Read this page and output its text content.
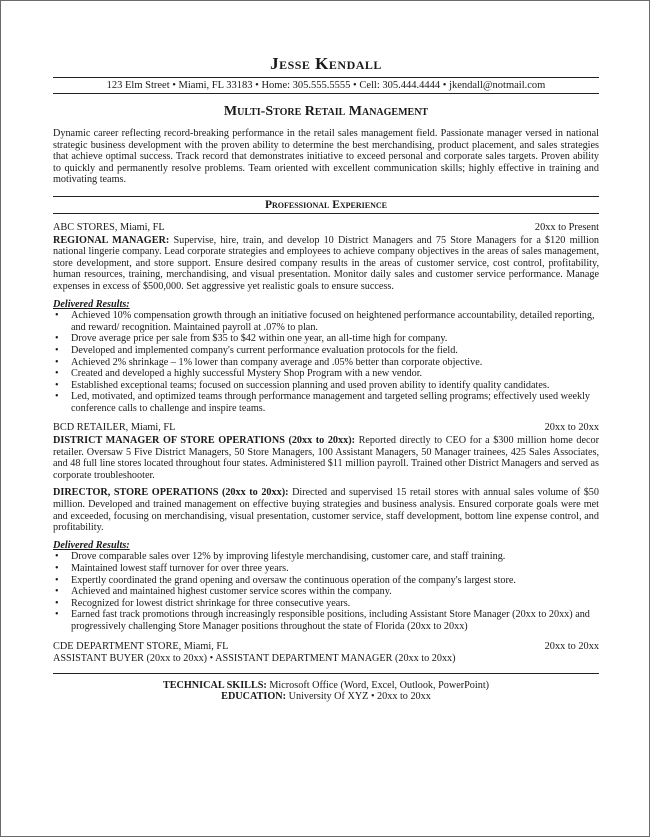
Jesse Kendall
123 Elm Street • Miami, FL 33183 • Home: 305.555.5555 • Cell: 305.444.4444 • jkendall@notmail.com
Multi-Store Retail Management
Dynamic career reflecting record-breaking performance in the retail sales management field. Passionate manager versed in national strategic business development with the proven ability to determine the best merchandising, product placement, and sales strategies that achieve optimal success. Track record that demonstrates initiative to exceed personal and corporate sales targets. Proven ability to quickly and permanently resolve problems. Team oriented with excellent communication skills; highly effective in training and motivating teams.
Professional Experience
ABC STORES, Miami, FL	20xx to Present
REGIONAL MANAGER: Supervise, hire, train, and develop 10 District Managers and 75 Store Managers for a $120 million national lingerie company. Lead corporate strategies and employees to achieve company objectives in the areas of sales management, store development, and store support. Ensure desired company results in the areas of customer service, cost control, profitability, human resources, training, merchandising, and visual presentation. Monitor daily sales and customer service performance. Manage expenses in excess of $500,000. Set aggressive yet realistic goals to ensure success.
Delivered Results:
• Achieved 10% compensation growth through an initiative focused on heightened performance accountability, detailed reporting, and reward/ recognition. Maintained payroll at .07% to plan.
• Drove average price per sale from $35 to $42 within one year, an all-time high for company.
• Developed and implemented company's current performance evaluation protocols for the field.
• Achieved 2% shrinkage – 1% lower than company average and .05% better than corporate objective.
• Created and developed a highly successful Mystery Shop Program with a new vendor.
• Established exceptional teams; focused on succession planning and used proven ability to identify quality candidates.
• Led, motivated, and optimized teams through performance management and targeted selling programs; effectively used weekly conference calls to challenge and inspire teams.
BCD RETAILER, Miami, FL	20xx to 20xx
DISTRICT MANAGER OF STORE OPERATIONS (20xx to 20xx): Reported directly to CEO for a $300 million home decor retailer. Oversaw 5 Five District Managers, 50 Store Managers, 100 Assistant Managers, 50 Manager trainees, 425 Sales Associates, and 48 full line stores located throughout four states. Administered $11 million payroll. Trained other District Managers and served as corporate troubleshooter.
DIRECTOR, STORE OPERATIONS (20xx to 20xx): Directed and supervised 15 retail stores with annual sales volume of $50 million. Developed and trained management on effective buying strategies and business analysis. Ensured corporate goals were met and exceeded, focusing on merchandising, visual presentation, customer service, staff development, bottom line expense control, and profitability.
Delivered Results:
• Drove comparable sales over 12% by improving lifestyle merchandising, customer care, and staff training.
• Maintained lowest staff turnover for over three years.
• Expertly coordinated the grand opening and oversaw the continuous operation of the company's largest store.
• Achieved and maintained highest customer service scores within the company.
• Recognized for lowest district shrinkage for three consecutive years.
• Earned fast track promotions through increasingly responsible positions, including Assistant Store Manager (20xx to 20xx) and progressively challenging Store Manager positions throughout the state of Florida (20xx to 20xx)
CDE DEPARTMENT STORE, Miami, FL	20xx to 20xx
ASSISTANT BUYER (20xx to 20xx) • ASSISTANT DEPARTMENT MANAGER (20xx to 20xx)
TECHNICAL SKILLS: Microsoft Office (Word, Excel, Outlook, PowerPoint)
EDUCATION: University Of XYZ • 20xx to 20xx
